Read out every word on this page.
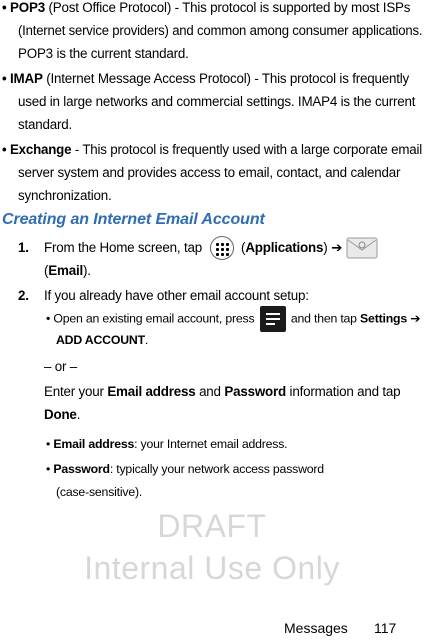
DRAFT
Internal Use Only
• POP3 (Post Office Protocol) - This protocol is supported by most ISPs
(Internet service providers) and common among consumer applications.
POP3 is the current standard.
• IMAP (Internet Message Access Protocol) - This protocol is frequently
used in large networks and commercial settings. IMAP4 is the current
standard.
• Exchange - This protocol is frequently used with a large corporate email
server system and provides access to email, contact, and calendar
synchronization.
Creating an Internet Email Account
1. From the Home screen, tap	(Applications) ➔
(Email).
2. If you already have other email account setup:
• Open an existing email account, press	and then tap Settings ➔
ADD ACCOUNT.
– or –
Enter your Email address and Password information and tap
Done.
• Email address: your Internet email address.
• Password: typically your network access password
(case-sensitive).
Messages 117
